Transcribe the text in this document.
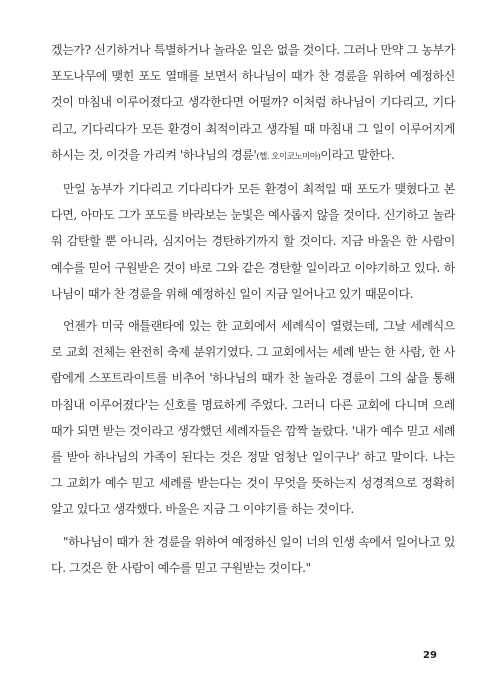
겠는가? 신기하거나 특별하거나 놀라운 일은 없을 것이다. 그러나 만약 그 농부가 포도나무에 맺힌 포도 열매를 보면서 하나님이 때가 찬 경륜을 위하여 예정하신 것이 마침내 이루어졌다고 생각한다면 어떨까? 이처럼 하나님이 기다리고, 기다리고, 기다리다가 모든 환경이 최적이라고 생각될 때 마침내 그 일이 이루어지게 하시는 것, 이것을 가리켜 '하나님의 경륜'(헬. 오이코노미아)이라고 말한다.

만일 농부가 기다리고 기다리다가 모든 환경이 최적일 때 포도가 맺혔다고 본다면, 아마도 그가 포도를 바라보는 눈빛은 예사롭지 않을 것이다. 신기하고 놀라워 감탄할 뿐 아니라, 심지어는 경탄하기까지 할 것이다. 지금 바울은 한 사람이 예수를 믿어 구원받은 것이 바로 그와 같은 경탄할 일이라고 이야기하고 있다. 하나님이 때가 찬 경륜을 위해 예정하신 일이 지금 일어나고 있기 때문이다.

언젠가 미국 애틀랜타에 있는 한 교회에서 세례식이 열렸는데, 그날 세례식으로 교회 전체는 완전히 축제 분위기였다. 그 교회에서는 세례 받는 한 사람, 한 사람에게 스포트라이트를 비추어 '하나님의 때가 찬 놀라운 경륜이 그의 삶을 통해 마침내 이루어졌다'는 신호를 명료하게 주었다. 그러니 다른 교회에 다니며 으레 때가 되면 받는 것이라고 생각했던 세례자들은 깜짝 놀랐다. '내가 예수 믿고 세례를 받아 하나님의 가족이 된다는 것은 정말 엄청난 일이구나' 하고 말이다. 나는 그 교회가 예수 믿고 세례를 받는다는 것이 무엇을 뜻하는지 성경적으로 정확히 알고 있다고 생각했다. 바울은 지금 그 이야기를 하는 것이다.

"하나님이 때가 찬 경륜을 위하여 예정하신 일이 너의 인생 속에서 일어나고 있다. 그것은 한 사람이 예수를 믿고 구원받는 것이다."

29
